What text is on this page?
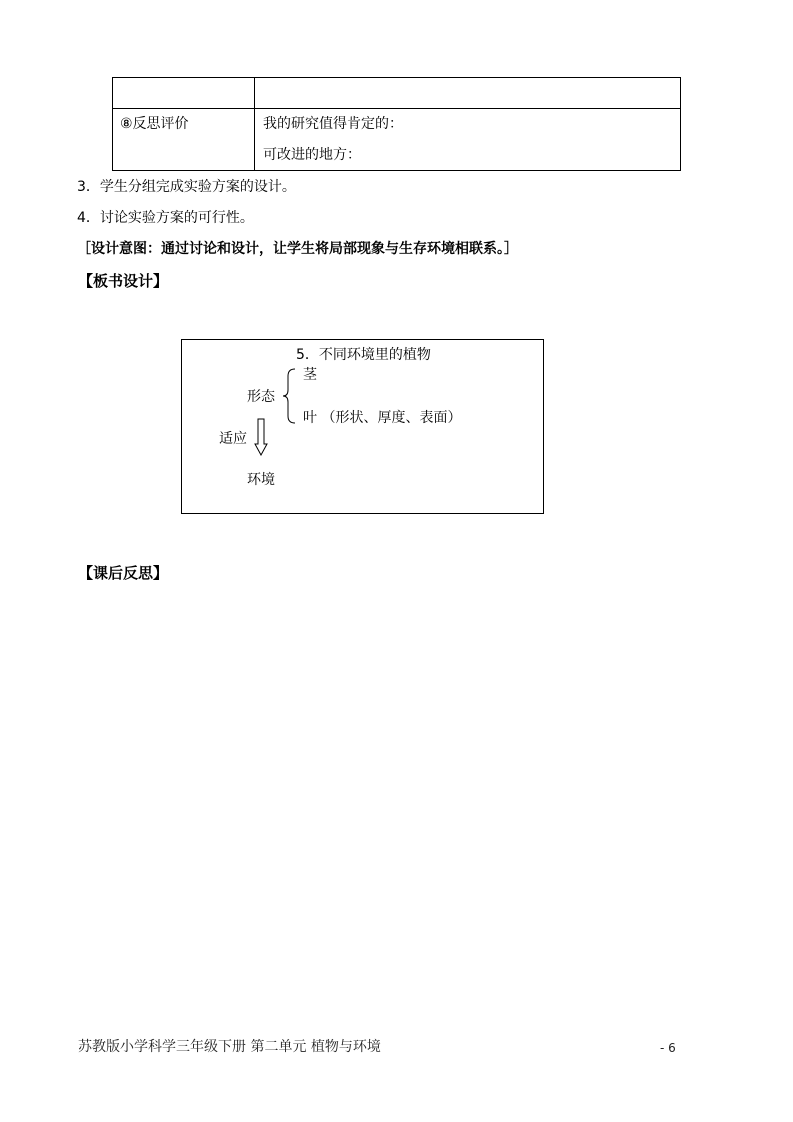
⑧反思评价	我的研究值得肯定的：
可改进的地方：
3．学生分组完成实验方案的设计。
4．讨论实验方案的可行性。
［设计意图：通过讨论和设计，让学生将局部现象与生存环境相联系。］
【板书设计】
5．不同环境里的植物
茎
形态
叶 （形状、厚度、表面）
适应
环境
【课后反思】
苏教版小学科学三年级下册 第二单元 植物与环境	- 6
